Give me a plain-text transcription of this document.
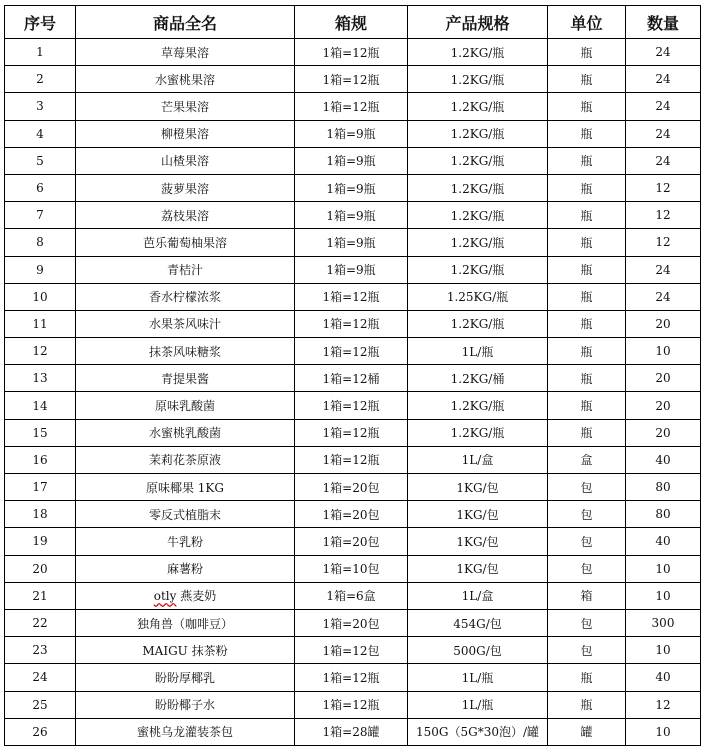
序号	商品全名	箱规	产品规格	单位	数量
1	草莓果溶	1箱=12瓶	1.2KG/瓶	瓶	24
2	水蜜桃果溶	1箱=12瓶	1.2KG/瓶	瓶	24
3	芒果果溶	1箱=12瓶	1.2KG/瓶	瓶	24
4	柳橙果溶	1箱=9瓶	1.2KG/瓶	瓶	24
5	山楂果溶	1箱=9瓶	1.2KG/瓶	瓶	24
6	菠萝果溶	1箱=9瓶	1.2KG/瓶	瓶	12
7	荔枝果溶	1箱=9瓶	1.2KG/瓶	瓶	12
8	芭乐葡萄柚果溶	1箱=9瓶	1.2KG/瓶	瓶	12
9	青桔汁	1箱=9瓶	1.2KG/瓶	瓶	24
10	香水柠檬浓浆	1箱=12瓶	1.25KG/瓶	瓶	24
11	水果茶风味汁	1箱=12瓶	1.2KG/瓶	瓶	20
12	抹茶风味糖浆	1箱=12瓶	1L/瓶	瓶	10
13	青提果酱	1箱=12桶	1.2KG/桶	瓶	20
14	原味乳酸菌	1箱=12瓶	1.2KG/瓶	瓶	20
15	水蜜桃乳酸菌	1箱=12瓶	1.2KG/瓶	瓶	20
16	茉莉花茶原液	1箱=12瓶	1L/盒	盒	40
17	原味椰果 1KG	1箱=20包	1KG/包	包	80
18	零反式植脂末	1箱=20包	1KG/包	包	80
19	牛乳粉	1箱=20包	1KG/包	包	40
20	麻薯粉	1箱=10包	1KG/包	包	10
21	otly 燕麦奶	1箱=6盒	1L/盒	箱	10
22	独角兽（咖啡豆）	1箱=20包	454G/包	包	300
23	MAIGU 抹茶粉	1箱=12包	500G/包	包	10
24	盼盼厚椰乳	1箱=12瓶	1L/瓶	瓶	40
25	盼盼椰子水	1箱=12瓶	1L/瓶	瓶	12
26	蜜桃乌龙灌装茶包	1箱=28罐	150G（5G*30泡）/罐	罐	10
